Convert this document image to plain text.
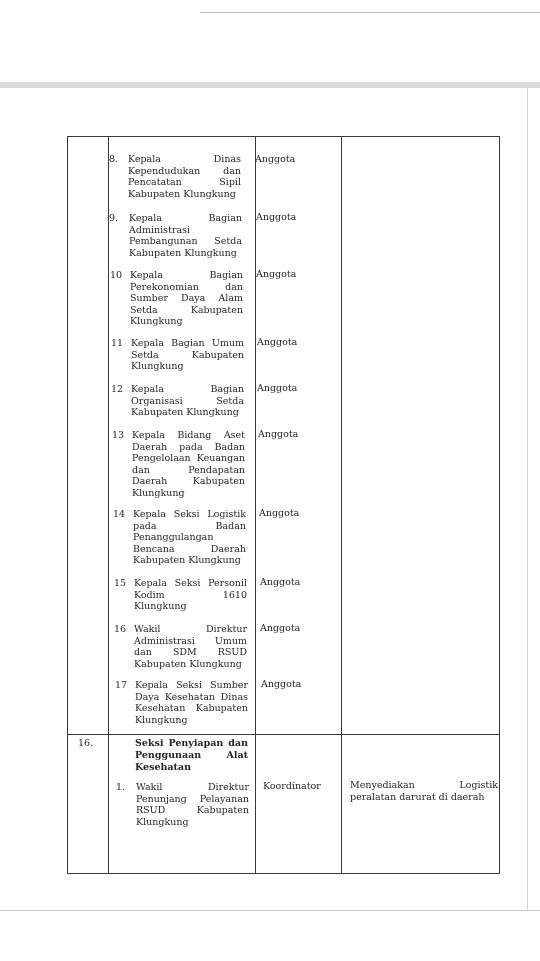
8. Kepala Dinas Kependudukan dan Pencatatan Sipil Kabupaten Klungkung
Anggota
9. Kepala Bagian Administrasi Pembangunan Setda Kabupaten Klungkung
Anggota
10 Kepala Bagian Perekonomian dan Sumber Daya Alam Setda Kabupaten Klungkung
Anggota
11 Kepala Bagian Umum Setda Kabupaten Klungkung
Anggota
12 Kepala Bagian Organisasi Setda Kabupaten Klungkung
Anggota
13 Kepala Bidang Aset Daerah pada Badan Pengelolaan Keuangan dan Pendapatan Daerah Kabupaten Klungkung
Anggota
14 Kepala Seksi Logistik pada Badan Penanggulangan Bencana Daerah Kabupaten Klungkung
Anggota
15 Kepala Seksi Personil Kodim 1610 Klungkung
Anggota
16 Wakil Direktur Administrasi Umum dan SDM RSUD Kabupaten Klungkung
Anggota
17 Kepala Seksi Sumber Daya Kesehatan Dinas Kesehatan Kabupaten Klungkung
Anggota
16.	Seksi Penyiapan dan Penggunaan Alat Kesehatan
1. Wakil Direktur Penunjang Pelayanan RSUD Kabupaten Klungkung
Koordinator	Menyediakan Logistik peralatan darurat di daerah
